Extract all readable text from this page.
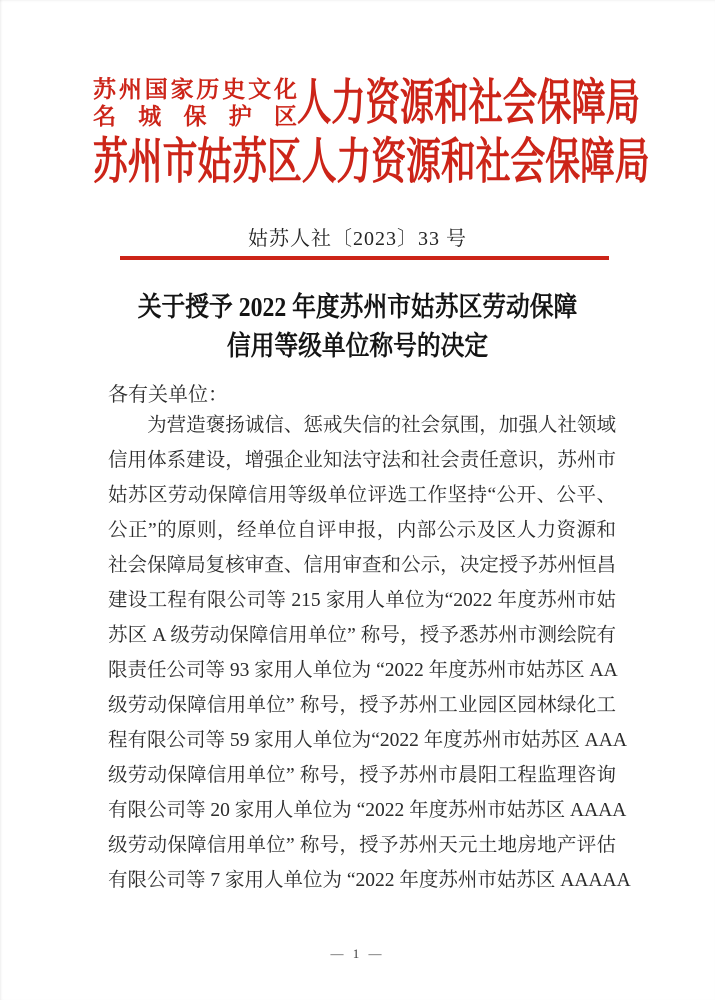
苏州国家历史文化
名城保护区 人力资源和社会保障局
苏州市姑苏区人力资源和社会保障局
姑苏人社〔2023〕33 号
关于授予 2022 年度苏州市姑苏区劳动保障
信用等级单位称号的决定
各有关单位：
　　为营造褒扬诚信、惩戒失信的社会氛围，加强人社领域
信用体系建设，增强企业知法守法和社会责任意识，苏州市
姑苏区劳动保障信用等级单位评选工作坚持“公开、公平、
公正”的原则，经单位自评申报，内部公示及区人力资源和
社会保障局复核审查、信用审查和公示，决定授予苏州恒昌
建设工程有限公司等 215 家用人单位为“2022 年度苏州市姑
苏区 A 级劳动保障信用单位” 称号，授予悉苏州市测绘院有
限责任公司等 93 家用人单位为 “2022 年度苏州市姑苏区 AA
级劳动保障信用单位” 称号，授予苏州工业园区园林绿化工
程有限公司等 59 家用人单位为“2022 年度苏州市姑苏区 AAA
级劳动保障信用单位” 称号，授予苏州市晨阳工程监理咨询
有限公司等 20 家用人单位为 “2022 年度苏州市姑苏区 AAAA
级劳动保障信用单位” 称号，授予苏州天元土地房地产评估
有限公司等 7 家用人单位为 “2022 年度苏州市姑苏区 AAAAA
— 1 —
